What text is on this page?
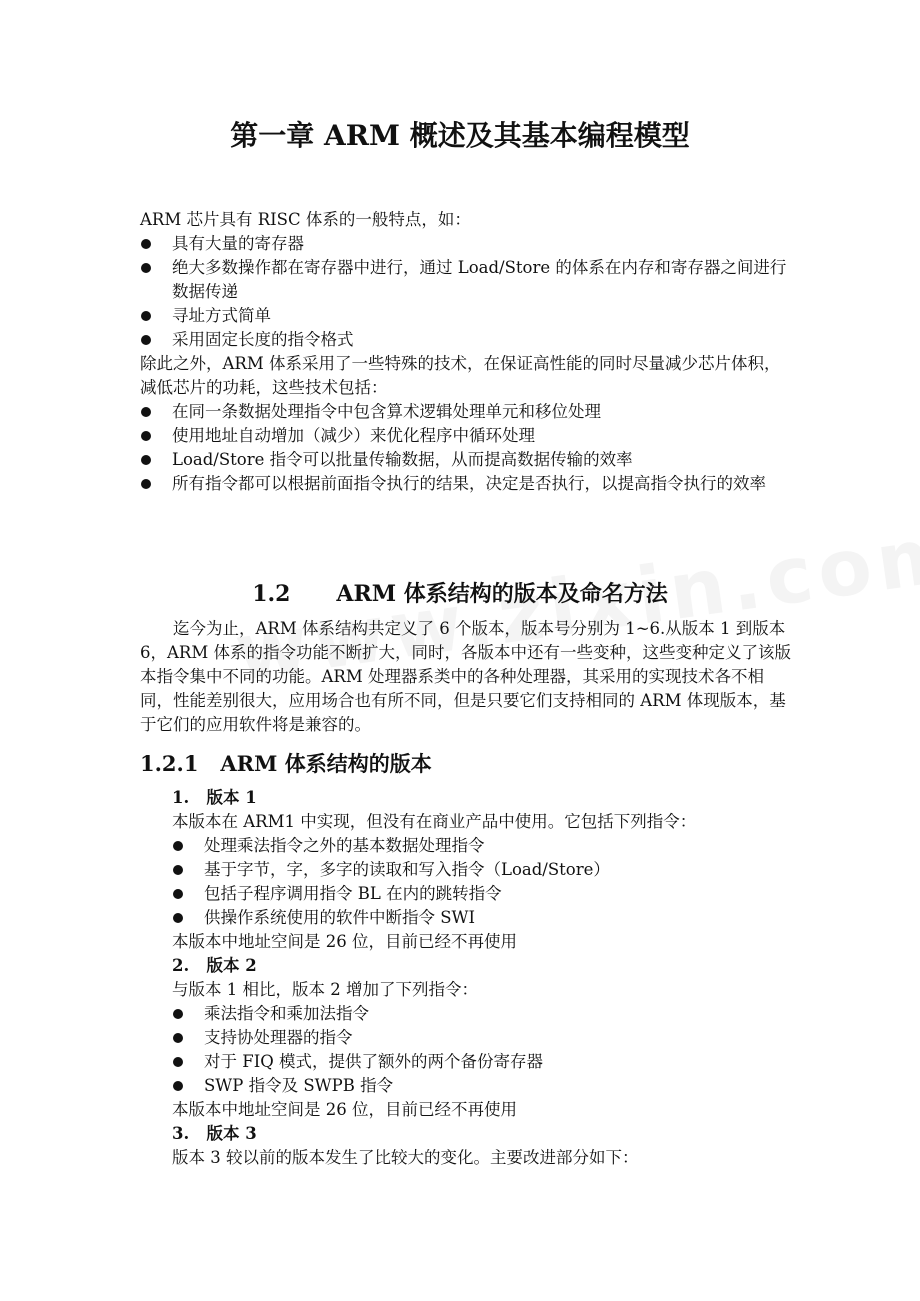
第一章 ARM 概述及其基本编程模型

ARM 芯片具有 RISC 体系的一般特点，如：

具有大量的寄存器
绝大多数操作都在寄存器中进行，通过 Load/Store 的体系在内存和寄存器之间进行数据传递
寻址方式简单
采用固定长度的指令格式

除此之外，ARM 体系采用了一些特殊的技术，在保证高性能的同时尽量减少芯片体积，减低芯片的功耗，这些技术包括：

在同一条数据处理指令中包含算术逻辑处理单元和移位处理
使用地址自动增加（减少）来优化程序中循环处理
Load/Store 指令可以批量传输数据，从而提高数据传输的效率
所有指令都可以根据前面指令执行的结果，决定是否执行，以提高指令执行的效率
1.2      ARM 体系结构的版本及命名方法

迄今为止，ARM 体系结构共定义了 6 个版本，版本号分别为 1~6.从版本 1 到版本 6，ARM 体系的指令功能不断扩大，同时，各版本中还有一些变种，这些变种定义了该版本指令集中不同的功能。ARM 处理器系类中的各种处理器，其采用的实现技术各不相同，性能差别很大，应用场合也有所不同，但是只要它们支持相同的 ARM 体现版本，基于它们的应用软件将是兼容的。

1.2.1   ARM 体系结构的版本

1.   版本 1

本版本在 ARM1 中实现，但没有在商业产品中使用。它包括下列指令：

处理乘法指令之外的基本数据处理指令
基于字节，字，多字的读取和写入指令（Load/Store）
包括子程序调用指令 BL 在内的跳转指令
供操作系统使用的软件中断指令 SWI

本版本中地址空间是 26 位，目前已经不再使用

2.   版本 2

与版本 1 相比，版本 2 增加了下列指令：

乘法指令和乘加法指令
支持协处理器的指令
对于 FIQ 模式，提供了额外的两个备份寄存器
SWP 指令及 SWPB 指令

本版本中地址空间是 26 位，目前已经不再使用

3.   版本 3

版本 3 较以前的版本发生了比较大的变化。主要改进部分如下：
